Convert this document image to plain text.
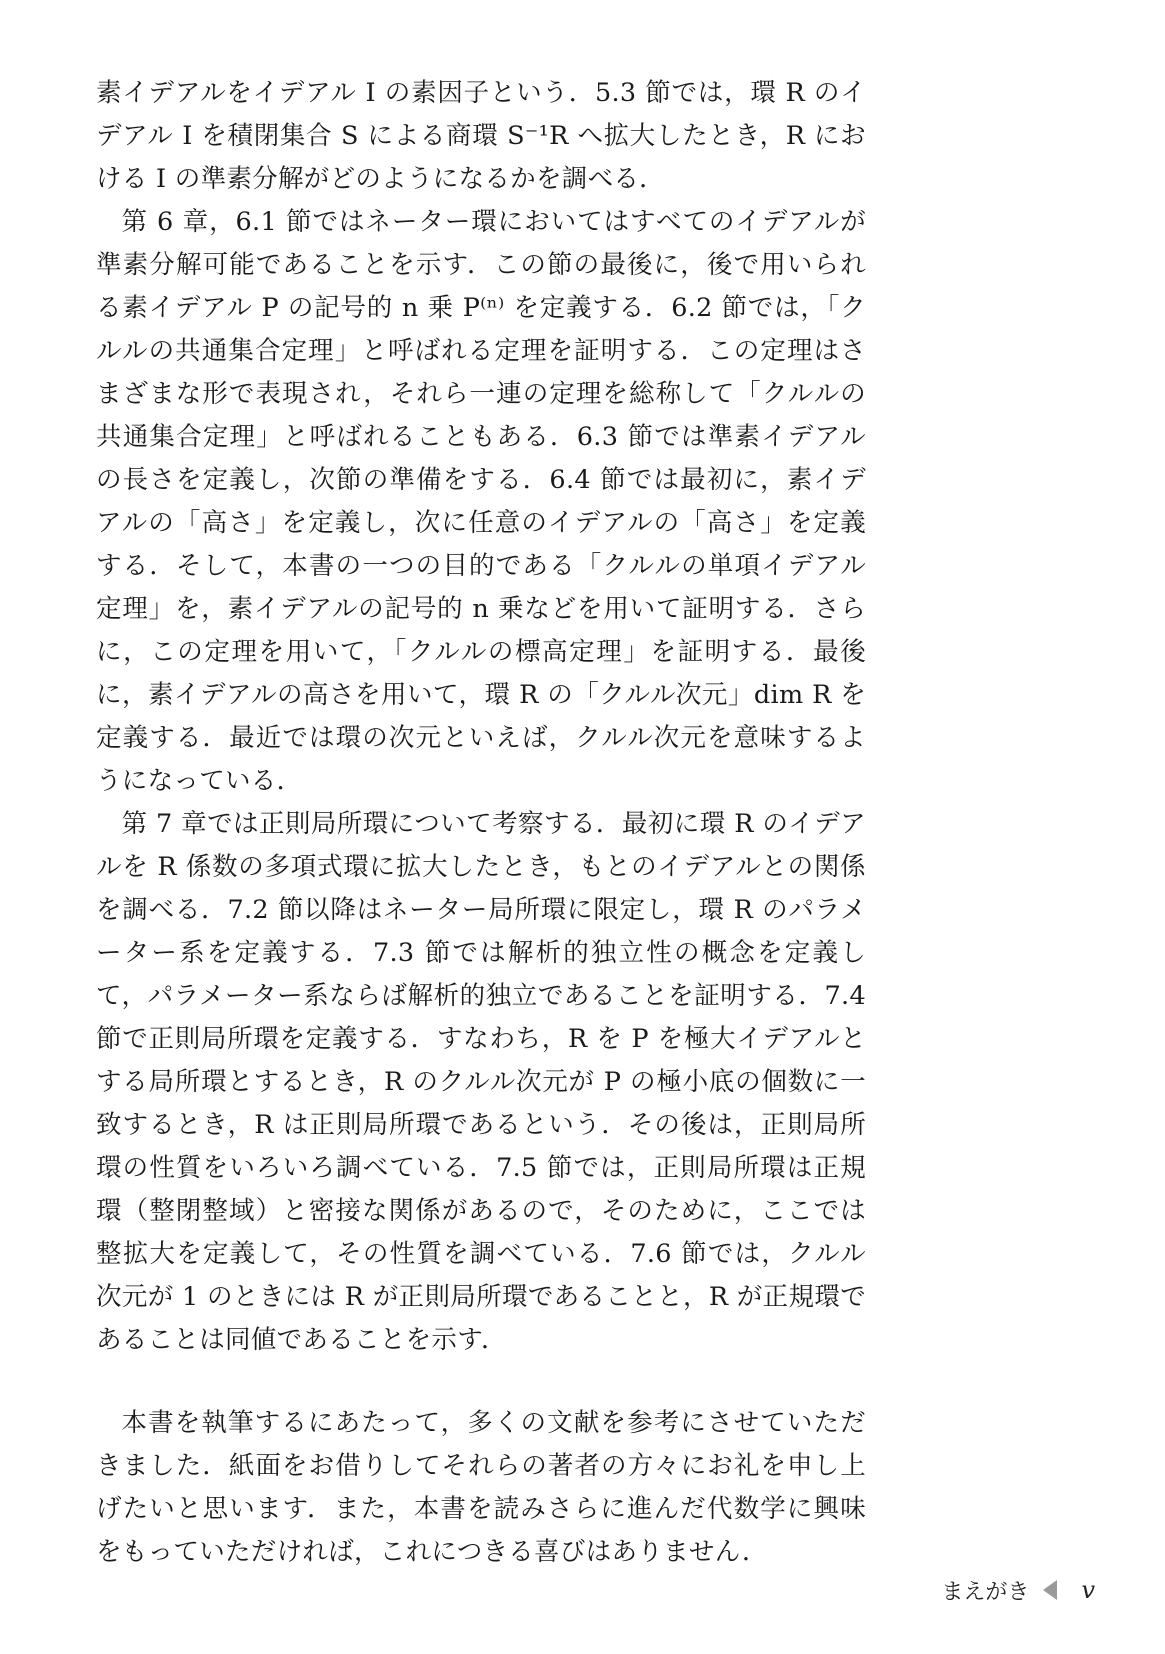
素イデアルをイデアル I の素因子という．5.3 節では，環 R のイデアル I を積閉集合 S による商環 S⁻¹R へ拡大したとき，R における I の準素分解がどのようになるかを調べる．

第 6 章，6.1 節ではネーター環においてはすべてのイデアルが準素分解可能であることを示す．この節の最後に，後で用いられる素イデアル P の記号的 n 乗 P⁽ⁿ⁾ を定義する．6.2 節では，「クルルの共通集合定理」と呼ばれる定理を証明する．この定理はさまざまな形で表現され，それら一連の定理を総称して「クルルの共通集合定理」と呼ばれることもある．6.3 節では準素イデアルの長さを定義し，次節の準備をする．6.4 節では最初に，素イデアルの「高さ」を定義し，次に任意のイデアルの「高さ」を定義する．そして，本書の一つの目的である「クルルの単項イデアル定理」を，素イデアルの記号的 n 乗などを用いて証明する．さらに，この定理を用いて，「クルルの標高定理」を証明する．最後に，素イデアルの高さを用いて，環 R の「クルル次元」dim R を定義する．最近では環の次元といえば，クルル次元を意味するようになっている．

第 7 章では正則局所環について考察する．最初に環 R のイデアルを R 係数の多項式環に拡大したとき，もとのイデアルとの関係を調べる．7.2 節以降はネーター局所環に限定し，環 R のパラメーター系を定義する．7.3 節では解析的独立性の概念を定義して，パラメーター系ならば解析的独立であることを証明する．7.4 節で正則局所環を定義する．すなわち，R を P を極大イデアルとする局所環とするとき，R のクルル次元が P の極小底の個数に一致するとき，R は正則局所環であるという．その後は，正則局所環の性質をいろいろ調べている．7.5 節では，正則局所環は正規環（整閉整域）と密接な関係があるので，そのために，ここでは整拡大を定義して，その性質を調べている．7.6 節では，クルル次元が 1 のときには R が正則局所環であることと，R が正規環であることは同値であることを示す．

本書を執筆するにあたって，多くの文献を参考にさせていただきました．紙面をお借りしてそれらの著者の方々にお礼を申し上げたいと思います．また，本書を読みさらに進んだ代数学に興味をもっていただければ，これにつきる喜びはありません．

まえがき v
